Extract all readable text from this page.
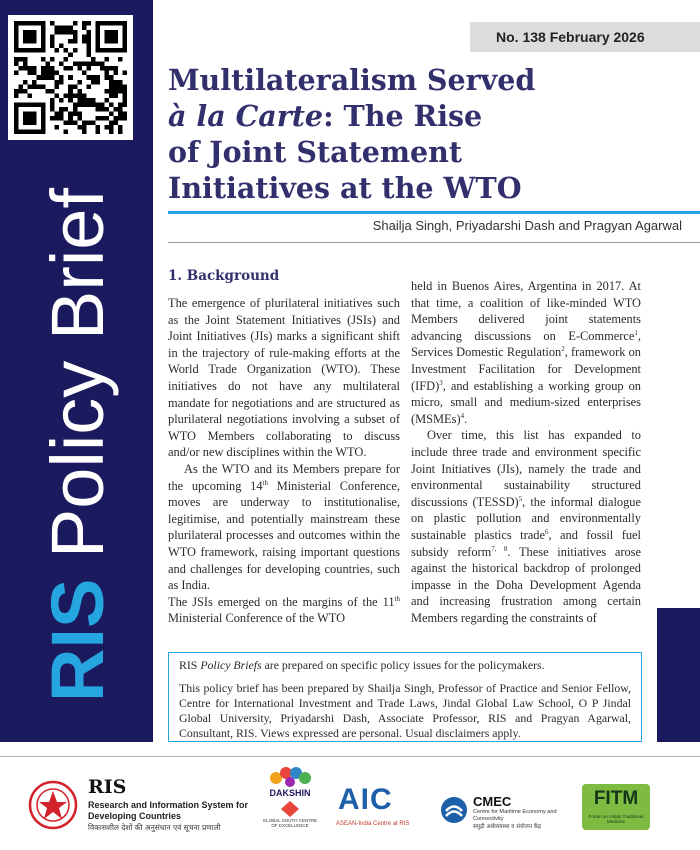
RIS Policy Brief
No. 138 February 2026
Multilateralism Served
à la Carte: The Rise
of Joint Statement
Initiatives at the WTO
Shailja Singh, Priyadarshi Dash and Pragyan Agarwal
1. Background

The emergence of plurilateral initiatives such as the Joint Statement Initiatives (JSIs) and Joint Initiatives (JIs) marks a significant shift in the trajectory of rule-making efforts at the World Trade Organization (WTO). These initiatives do not have any multilateral mandate for negotiations and are structured as plurilateral negotiations involving a subset of WTO Members collaborating to discuss and/or new disciplines within the WTO.

As the WTO and its Members prepare for the upcoming 14th Ministerial Conference, moves are underway to institutionalise, legitimise, and potentially mainstream these plurilateral processes and outcomes within the WTO framework, raising important questions and challenges for developing countries, such as India.

The JSIs emerged on the margins of the 11th Ministerial Conference of the WTO

held in Buenos Aires, Argentina in 2017. At that time, a coalition of like-minded WTO Members delivered joint statements advancing discussions on E-Commerce$^1$, Services Domestic Regulation$^2$, framework on Investment Facilitation for Development (IFD)$^3$, and establishing a working group on micro, small and medium-sized enterprises (MSMEs)$^4$.

Over time, this list has expanded to include three trade and environment specific Joint Initiatives (JIs), namely the trade and environmental sustainability structured discussions (TESSD)$^5$, the informal dialogue on plastic pollution and environmentally sustainable plastics trade$^6$, and fossil fuel subsidy reform$^{7, 8}$. These initiatives arose against the historical backdrop of prolonged impasse in the Doha Development Agenda and increasing frustration among certain Members regarding the constraints of

RIS Policy Briefs are prepared on specific policy issues for the policymakers.

This policy brief has been prepared by Shailja Singh, Professor of Practice and Senior Fellow, Centre for International Investment and Trade Laws, Jindal Global Law School, O P Jindal Global University, Priyadarshi Dash, Associate Professor, RIS and Pragyan Agarwal, Consultant, RIS. Views expressed are personal. Usual disclaimers apply.

RIS
Research and Information System for Developing Countries
विकासशील देशों की अनुसंधान एवं सूचना प्रणाली
DAKSHIN
GLOBAL SOUTH CENTRE OF EXCELLENCE
AIC
ASEAN-India Centre at RIS
CMEC
Centre for Maritime Economy and Connectivity
समुद्री अर्थव्यवस्था व संयोजन केंद्र
FITM
Forum on Indian Traditional Medicine
